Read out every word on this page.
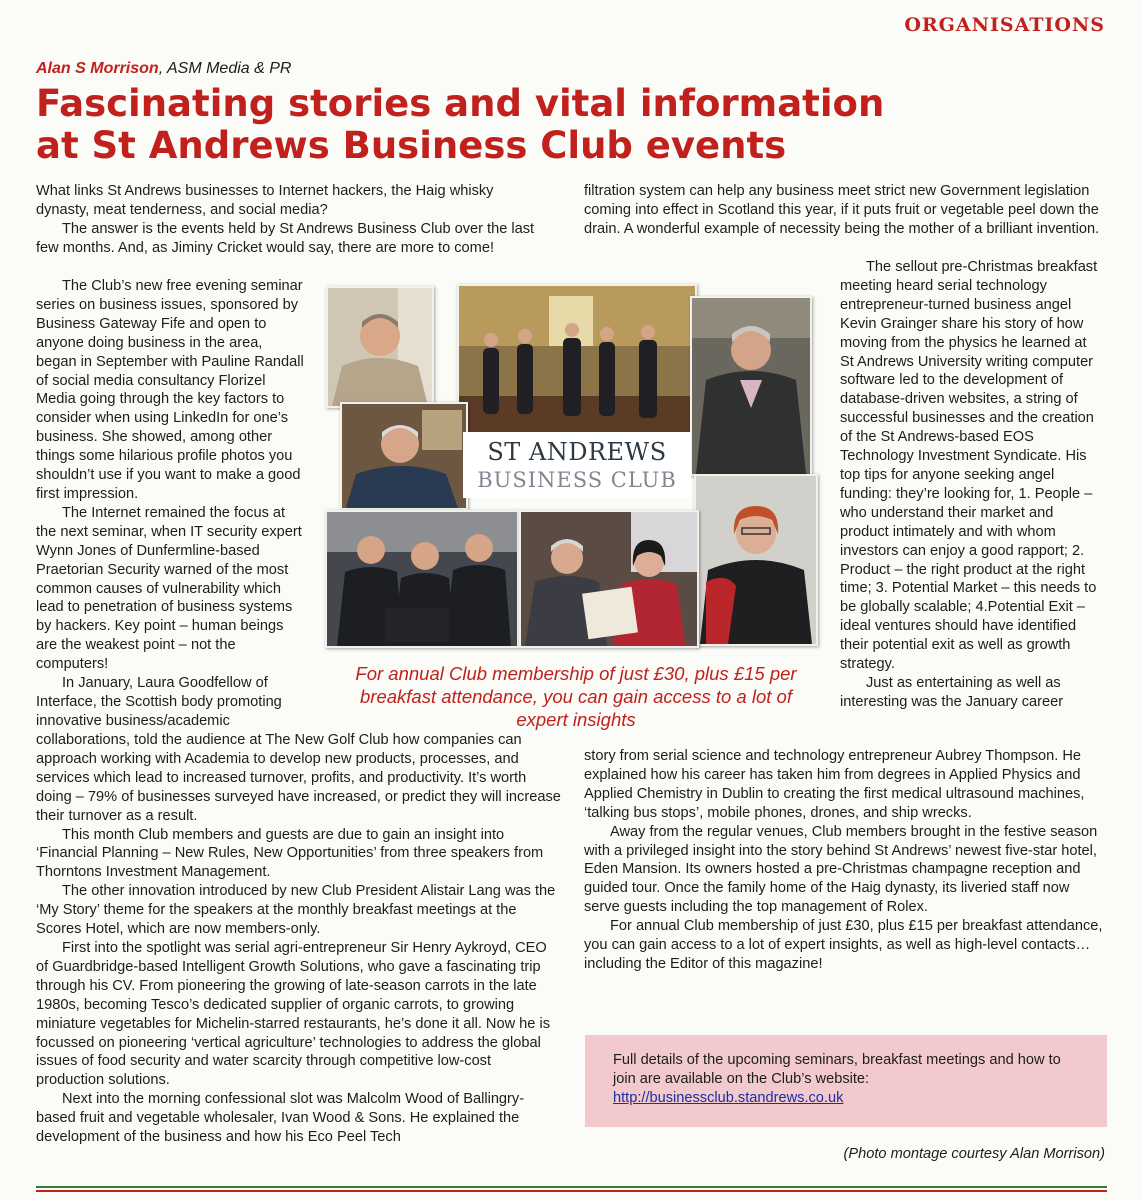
ORGANISATIONS
Alan S Morrison, ASM Media & PR
Fascinating stories and vital information
at St Andrews Business Club events

What links St Andrews businesses to Internet hackers, the Haig whisky dynasty, meat tenderness, and social media?

The answer is the events held by St Andrews Business Club over the last few months. And, as Jiminy Cricket would say, there are more to come!

The Club’s new free evening seminar series on business issues, sponsored by Business Gateway Fife and open to anyone doing business in the area, began in September with Pauline Randall of social media consultancy Florizel Media going through the key factors to consider when using LinkedIn for one’s business. She showed, among other things some hilarious profile photos you shouldn’t use if you want to make a good first impression.

The Internet remained the focus at the next seminar, when IT security expert Wynn Jones of Dunfermline-based Praetorian Security warned of the most common causes of vulnerability which lead to penetration of business systems by hackers. Key point – human beings are the weakest point – not the computers!

In January, Laura Goodfellow of Interface, the Scottish body promoting innovative business/academic

collaborations, told the audience at The New Golf Club how companies can approach working with Academia to develop new products, processes, and services which lead to increased turnover, profits, and productivity. It’s worth doing – 79% of businesses surveyed have increased, or predict they will increase their turnover as a result.

This month Club members and guests are due to gain an insight into ‘Financial Planning – New Rules, New Opportunities’ from three speakers from Thorntons Investment Management.

The other innovation introduced by new Club President Alistair Lang was the ‘My Story’ theme for the speakers at the monthly breakfast meetings at the Scores Hotel, which are now members-only.

First into the spotlight was serial agri-entrepreneur Sir Henry Aykroyd, CEO of Guardbridge-based Intelligent Growth Solutions, who gave a fascinating trip through his CV. From pioneering the growing of late-season carrots in the late 1980s, becoming Tesco’s dedicated supplier of organic carrots, to growing miniature vegetables for Michelin-starred restaurants, he’s done it all. Now he is focussed on pioneering ‘vertical agriculture’ technologies to address the global issues of food security and water scarcity through competitive low-cost production solutions.

Next into the morning confessional slot was Malcolm Wood of Ballingry-based fruit and vegetable wholesaler, Ivan Wood & Sons. He explained the development of the business and how his Eco Peel Tech

filtration system can help any business meet strict new Government legislation coming into effect in Scotland this year, if it puts fruit or vegetable peel down the drain. A wonderful example of necessity being the mother of a brilliant invention.

The sellout pre-Christmas breakfast meeting heard serial technology entrepreneur-turned business angel Kevin Grainger share his story of how moving from the physics he learned at St Andrews University writing computer software led to the development of database-driven websites, a string of successful businesses and the creation of the St Andrews-based EOS Technology Investment Syndicate. His top tips for anyone seeking angel funding: they’re looking for, 1. People – who understand their market and product intimately and with whom investors can enjoy a good rapport; 2. Product – the right product at the right time; 3. Potential Market – this needs to be globally scalable; 4.Potential Exit – ideal ventures should have identified their potential exit as well as growth strategy.

Just as entertaining as well as interesting was the January career

story from serial science and technology entrepreneur Aubrey Thompson. He explained how his career has taken him from degrees in Applied Physics and Applied Chemistry in Dublin to creating the first medical ultrasound machines, ‘talking bus stops’, mobile phones, drones, and ship wrecks.

Away from the regular venues, Club members brought in the festive season with a privileged insight into the story behind St Andrews’ newest five-star hotel, Eden Mansion. Its owners hosted a pre-Christmas champagne reception and guided tour. Once the family home of the Haig dynasty, its liveried staff now serve guests including the top management of Rolex.

For annual Club membership of just £30, plus £15 per breakfast attendance, you can gain access to a lot of expert insights, as well as high-level contacts…including the Editor of this magazine!

ST ANDREWS
BUSINESS CLUB
For annual Club membership of just £30, plus £15 per breakfast attendance, you can gain access to a lot of expert insights
Full details of the upcoming seminars, breakfast meetings and how to join are available on the Club’s website:
http://businessclub.standrews.co.uk
(Photo montage courtesy Alan Morrison)
